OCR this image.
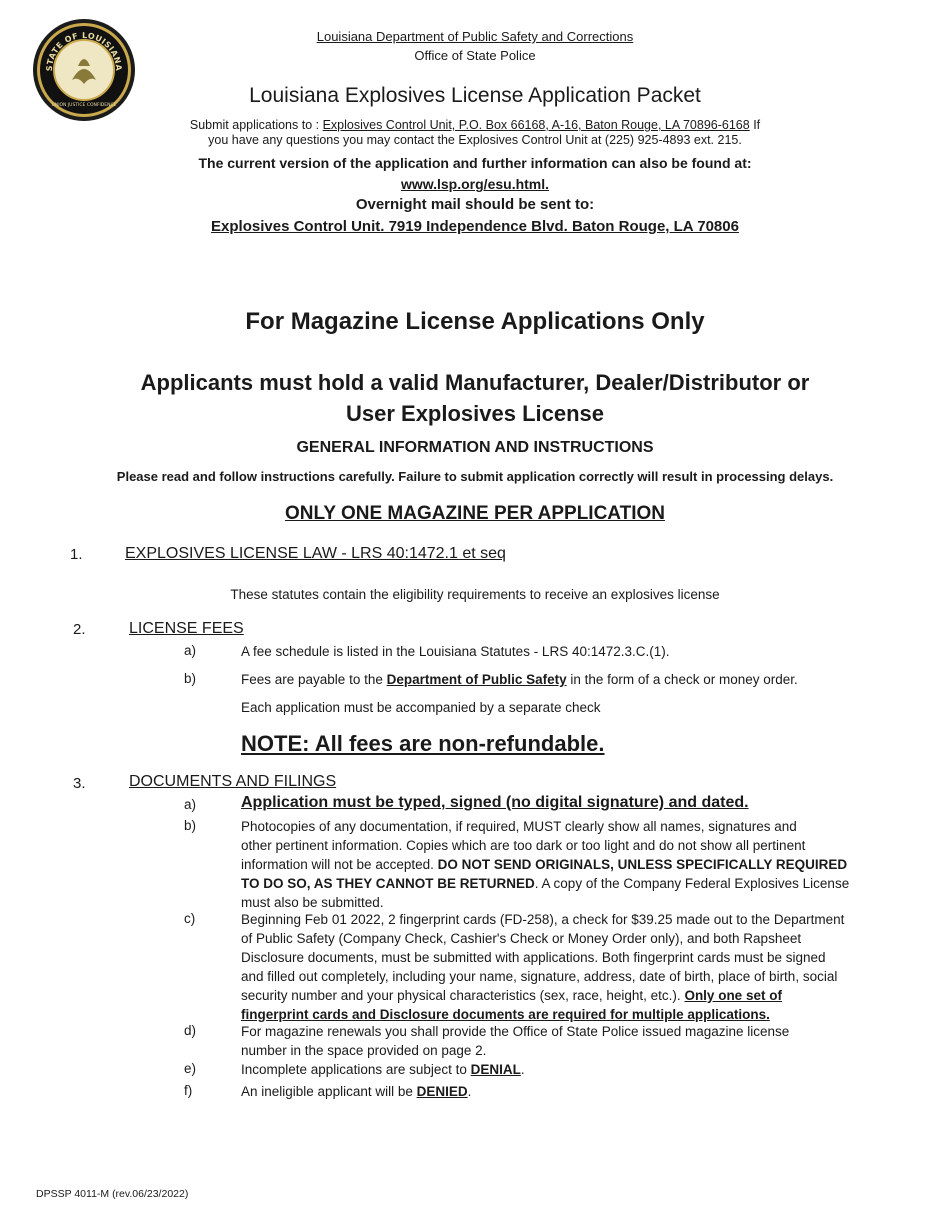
STATE OF LOUISIANA
UNION JUSTICE CONFIDENCE
Louisiana Department of Public Safety and Corrections
Office of State Police
Louisiana Explosives License Application Packet
Submit applications to : Explosives Control Unit, P.O. Box 66168, A-16, Baton Rouge, LA 70896-6168 If
you have any questions you may contact the Explosives Control Unit at (225) 925-4893 ext. 215.
The current version of the application and further information can also be found at:
www.lsp.org/esu.html.
Overnight mail should be sent to:
Explosives Control Unit. 7919 Independence Blvd. Baton Rouge, LA 70806
For Magazine License Applications Only
Applicants must hold a valid Manufacturer, Dealer/Distributor or
User Explosives License
GENERAL INFORMATION AND INSTRUCTIONS
Please read and follow instructions carefully. Failure to submit application correctly will result in processing delays.
ONLY ONE MAGAZINE PER APPLICATION
1.	EXPLOSIVES LICENSE LAW - LRS 40:1472.1 et seq
These statutes contain the eligibility requirements to receive an explosives license
2.	LICENSE FEES
a)	A fee schedule is listed in the Louisiana Statutes - LRS 40:1472.3.C.(1).
b)	Fees are payable to the Department of Public Safety in the form of a check or money order.
Each application must be accompanied by a separate check
NOTE: All fees are non-refundable.
3.	DOCUMENTS AND FILINGS
a)	Application must be typed, signed (no digital signature) and dated.
b)	Photocopies of any documentation, if required, MUST clearly show all names, signatures and
other pertinent information. Copies which are too dark or too light and do not show all pertinent
information will not be accepted. DO NOT SEND ORIGINALS, UNLESS SPECIFICALLY REQUIRED
TO DO SO, AS THEY CANNOT BE RETURNED. A copy of the Company Federal Explosives License
must also be submitted.
c)	Beginning Feb 01 2022, 2 fingerprint cards (FD-258), a check for $39.25 made out to the Department
of Public Safety (Company Check, Cashier's Check or Money Order only), and both Rapsheet
Disclosure documents, must be submitted with applications. Both fingerprint cards must be signed
and filled out completely, including your name, signature, address, date of birth, place of birth, social
security number and your physical characteristics (sex, race, height, etc.). Only one set of
fingerprint cards and Disclosure documents are required for multiple applications.
d)	For magazine renewals you shall provide the Office of State Police issued magazine license
number in the space provided on page 2.
e)	Incomplete applications are subject to DENIAL.
f)	An ineligible applicant will be DENIED.
DPSSP 4011-M (rev.06/23/2022)
